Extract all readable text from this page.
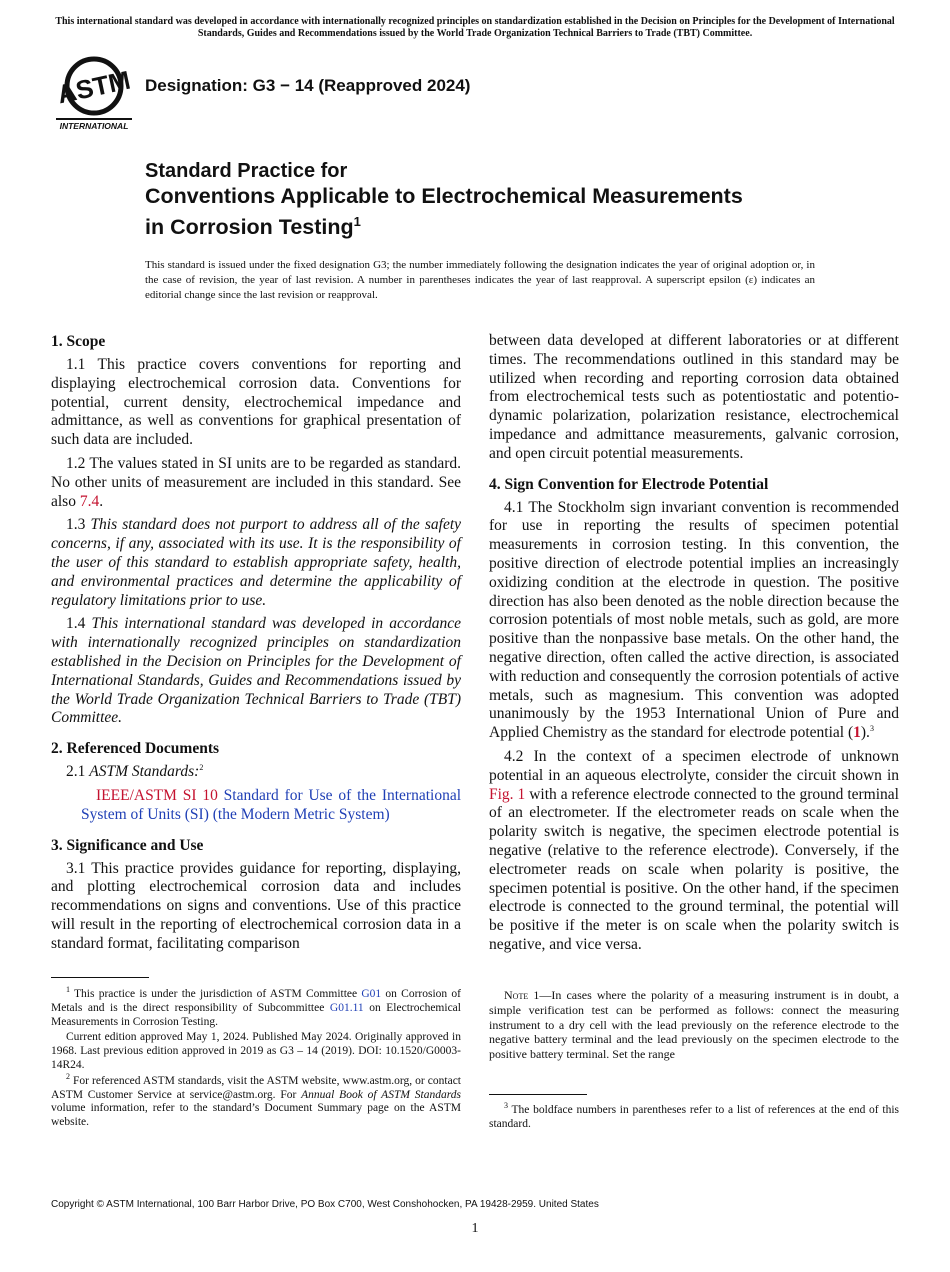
This international standard was developed in accordance with internationally recognized principles on standardization established in the Decision on Principles for the Development of International Standards, Guides and Recommendations issued by the World Trade Organization Technical Barriers to Trade (TBT) Committee.
ASTM
INTERNATIONAL
Designation: G3 − 14 (Reapproved 2024)
Standard Practice for
Conventions Applicable to Electrochemical Measurements
in Corrosion Testing$^1$
This standard is issued under the fixed designation G3; the number immediately following the designation indicates the year of original adoption or, in the case of revision, the year of last revision. A number in parentheses indicates the year of last reapproval. A superscript epsilon (ε) indicates an editorial change since the last revision or reapproval.
1. Scope

1.1 This practice covers conventions for reporting and displaying electrochemical corrosion data. Conventions for potential, current density, electrochemical impedance and admittance, as well as conventions for graphical presentation of such data are included.

1.2 The values stated in SI units are to be regarded as standard. No other units of measurement are included in this standard. See also 7.4.

1.3 This standard does not purport to address all of the safety concerns, if any, associated with its use. It is the responsibility of the user of this standard to establish appropriate safety, health, and environmental practices and determine the applicability of regulatory limitations prior to use.

1.4 This international standard was developed in accordance with internationally recognized principles on standardization established in the Decision on Principles for the Development of International Standards, Guides and Recommendations issued by the World Trade Organization Technical Barriers to Trade (TBT) Committee.

2. Referenced Documents

2.1 ASTM Standards:$^2$

IEEE/ASTM SI 10 Standard for Use of the International System of Units (SI) (the Modern Metric System)

3. Significance and Use

3.1 This practice provides guidance for reporting, displaying, and plotting electrochemical corrosion data and includes recommendations on signs and conventions. Use of this practice will result in the reporting of electrochemical corrosion data in a standard format, facilitating comparison

between data developed at different laboratories or at different times. The recommendations outlined in this standard may be utilized when recording and reporting corrosion data obtained from electrochemical tests such as potentiostatic and potentiodynamic polarization, polarization resistance, electrochemical impedance and admittance measurements, galvanic corrosion, and open circuit potential measurements.

4. Sign Convention for Electrode Potential

4.1 The Stockholm sign invariant convention is recommended for use in reporting the results of specimen potential measurements in corrosion testing. In this convention, the positive direction of electrode potential implies an increasingly oxidizing condition at the electrode in question. The positive direction has also been denoted as the noble direction because the corrosion potentials of most noble metals, such as gold, are more positive than the nonpassive base metals. On the other hand, the negative direction, often called the active direction, is associated with reduction and consequently the corrosion potentials of active metals, such as magnesium. This convention was adopted unanimously by the 1953 International Union of Pure and Applied Chemistry as the standard for electrode potential (1).$^3$

4.2 In the context of a specimen electrode of unknown potential in an aqueous electrolyte, consider the circuit shown in Fig. 1 with a reference electrode connected to the ground terminal of an electrometer. If the electrometer reads on scale when the polarity switch is negative, the specimen electrode potential is negative (relative to the reference electrode). Conversely, if the electrometer reads on scale when polarity is positive, the specimen potential is positive. On the other hand, if the specimen electrode is connected to the ground terminal, the potential will be positive if the meter is on scale when the polarity switch is negative, and vice versa.

Note 1—In cases where the polarity of a measuring instrument is in doubt, a simple verification test can be performed as follows: connect the measuring instrument to a dry cell with the lead previously on the reference electrode to the negative battery terminal and the lead previously on the specimen electrode to the positive battery terminal. Set the range

$^1$ This practice is under the jurisdiction of ASTM Committee G01 on Corrosion of Metals and is the direct responsibility of Subcommittee G01.11 on Electrochemical Measurements in Corrosion Testing.

Current edition approved May 1, 2024. Published May 2024. Originally approved in 1968. Last previous edition approved in 2019 as G3 – 14 (2019). DOI: 10.1520/G0003-14R24.

$^2$ For referenced ASTM standards, visit the ASTM website, www.astm.org, or contact ASTM Customer Service at service@astm.org. For Annual Book of ASTM Standards volume information, refer to the standard’s Document Summary page on the ASTM website.

$^3$ The boldface numbers in parentheses refer to a list of references at the end of this standard.

Copyright © ASTM International, 100 Barr Harbor Drive, PO Box C700, West Conshohocken, PA 19428-2959. United States
1
